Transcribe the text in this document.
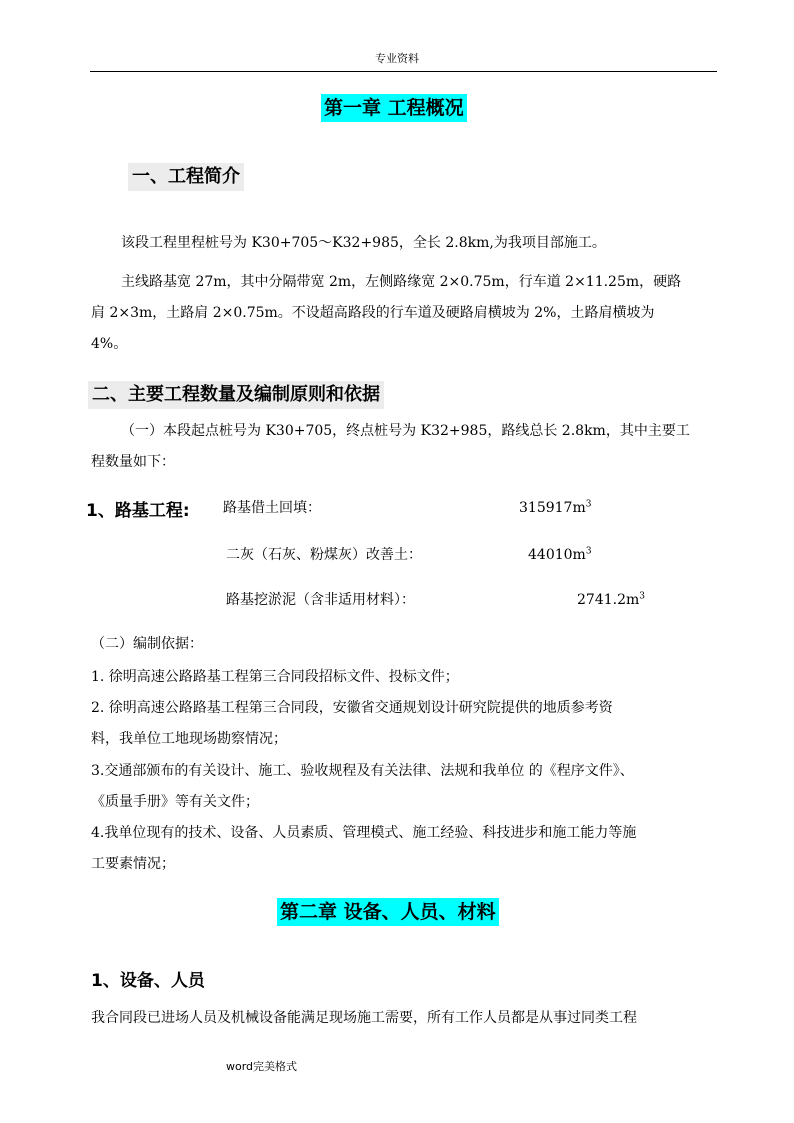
专业资料
第一章 工程概况
一、工程简介
该段工程里程桩号为 K30+705～K32+985，全长 2.8km,为我项目部施工。
主线路基宽 27m，其中分隔带宽 2m，左侧路缘宽 2×0.75m，行车道 2×11.25m，硬路
肩 2×3m，土路肩 2×0.75m。不设超高路段的行车道及硬路肩横坡为 2%，土路肩横坡为
4%。
二、主要工程数量及编制原则和依据
（一）本段起点桩号为 K30+705，终点桩号为 K32+985，路线总长 2.8km，其中主要工
程数量如下：
1、路基工程: 路基借土回填：	$315917m^3$
二灰（石灰、粉煤灰）改善土：	$44010m^3$
路基挖淤泥（含非适用材料）：	$2741.2m^3$
（二）编制依据：
1. 徐明高速公路路基工程第三合同段招标文件、投标文件；
2. 徐明高速公路路基工程第三合同段，安徽省交通规划设计研究院提供的地质参考资
料，我单位工地现场勘察情况；
3.交通部颁布的有关设计、施工、验收规程及有关法律、法规和我单位 的《程序文件》、
《质量手册》等有关文件；
4.我单位现有的技术、设备、人员素质、管理模式、施工经验、科技进步和施工能力等施
工要素情况；
第二章 设备、人员、材料
1、设备、人员
我合同段已进场人员及机械设备能满足现场施工需要，所有工作人员都是从事过同类工程
word完美格式
